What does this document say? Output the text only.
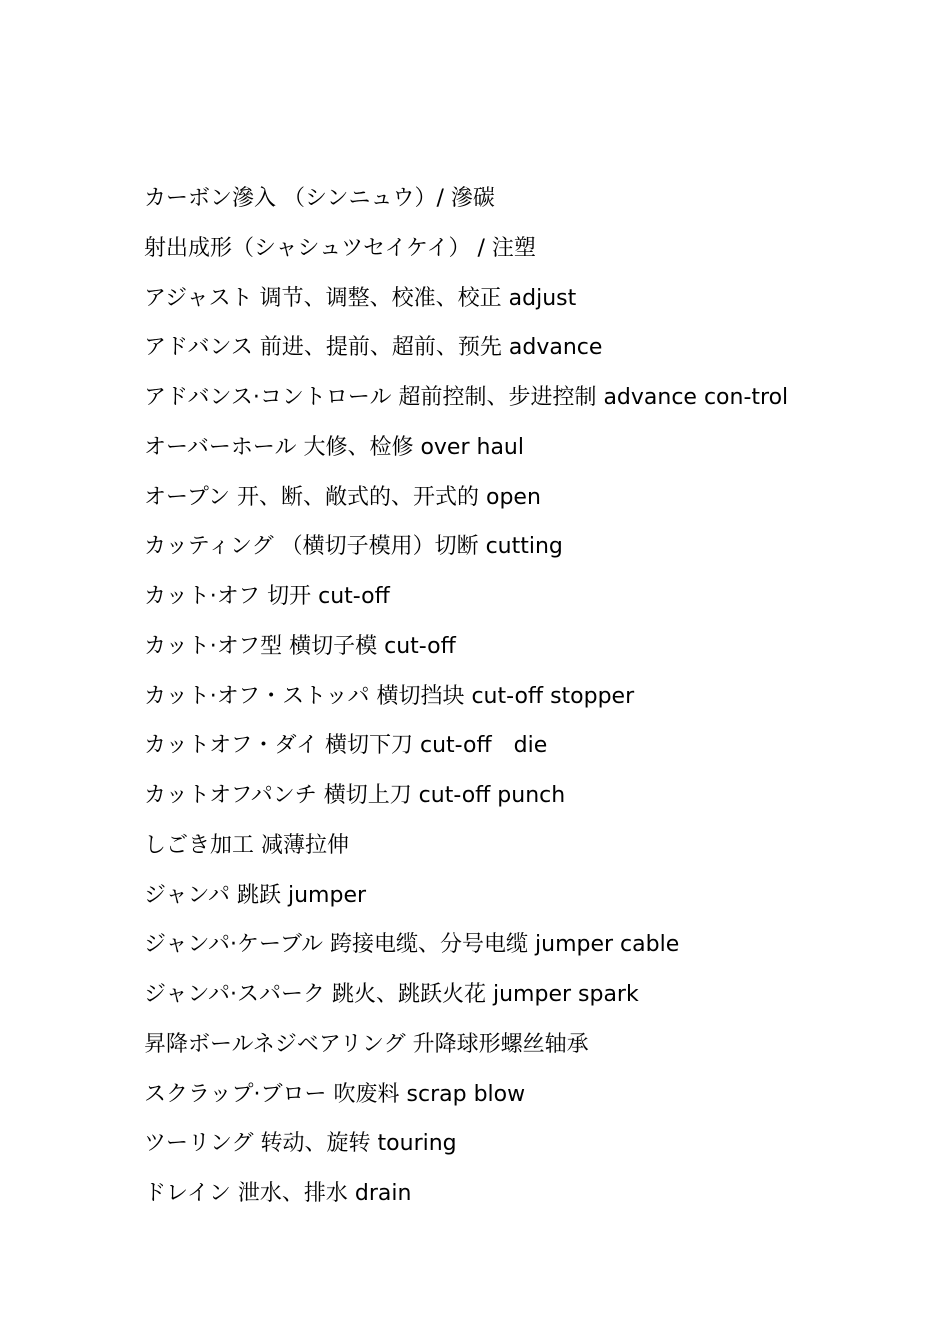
カーボン滲入 （シンニュウ）/ 滲碳
射出成形（シャシュツセイケイ） / 注塑
アジャスト 调节、调整、校准、校正 adjust
アドバンス 前进、提前、超前、预先 advance
アドバンス·コントロール 超前控制、步进控制 advance con-trol
オーバーホール 大修、检修 over haul
オープン 开、断、敞式的、开式的 open
カッティング （横切子模用）切断 cutting
カット·オフ 切开 cut-off
カット·オフ型 横切子模 cut-off
カット·オフ・ストッパ 横切挡块 cut-off stopper
カットオフ・ダイ 横切下刀 cut-off　die
カットオフパンチ 横切上刀 cut-off punch
しごき加工 减薄拉伸
ジャンパ 跳跃 jumper
ジャンパ·ケーブル 跨接电缆、分号电缆 jumper cable
ジャンパ·スパーク 跳火、跳跃火花 jumper spark
昇降ボールネジベアリング 升降球形螺丝轴承
スクラップ·ブロー 吹废料 scrap blow
ツーリング 转动、旋转 touring
ドレイン 泄水、排水 drain
